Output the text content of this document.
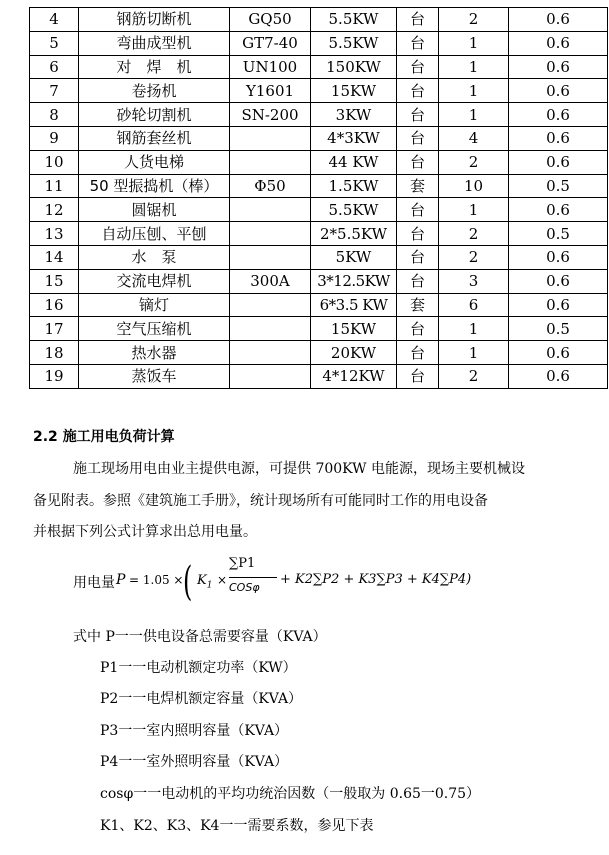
4	钢筋切断机	GQ50	5.5KW	台	2	0.6
5	弯曲成型机	GT7-40	5.5KW	台	1	0.6
6	对　焊　机	UN100	150KW	台	1	0.6
7	卷扬机	Y1601	15KW	台	1	0.6
8	砂轮切割机	SN-200	3KW	台	1	0.6
9	钢筋套丝机		4*3KW	台	4	0.6
10	人货电梯		44 KW	台	2	0.6
11	50 型振捣机（棒）	Φ50	1.5KW	套	10	0.5
12	圆锯机		5.5KW	台	1	0.6
13	自动压刨、平刨		2*5.5KW	台	2	0.5
14	水　泵		5KW	台	2	0.6
15	交流电焊机	300A	3*12.5KW	台	3	0.6
16	镝灯		6*3.5 KW	套	6	0.6
17	空气压缩机		15KW	台	1	0.5
18	热水器		20KW	台	1	0.6
19	蒸饭车		4*12KW	台	2	0.6
2.2 施工用电负荷计算
施工现场用电由业主提供电源，可提供 700KW 电能源，现场主要机械设
备见附表。参照《建筑施工手册》，统计现场所有可能同时工作的用电设备
并根据下列公式计算求出总用电量。
用电量 P = 1.05 × ( $K_1$ ×
∑P1
COSφ
+ K2∑P2 + K3∑P3 + K4∑P4)
式中 P一一供电设备总需要容量（KVA）
P1一一电动机额定功率（KW）
P2一一电焊机额定容量（KVA）
P3一一室内照明容量（KVA）
P4一一室外照明容量（KVA）
cosφ一一电动机的平均功统治因数（一般取为 0.65一0.75）
K1、K2、K3、K4一一需要系数，参见下表
